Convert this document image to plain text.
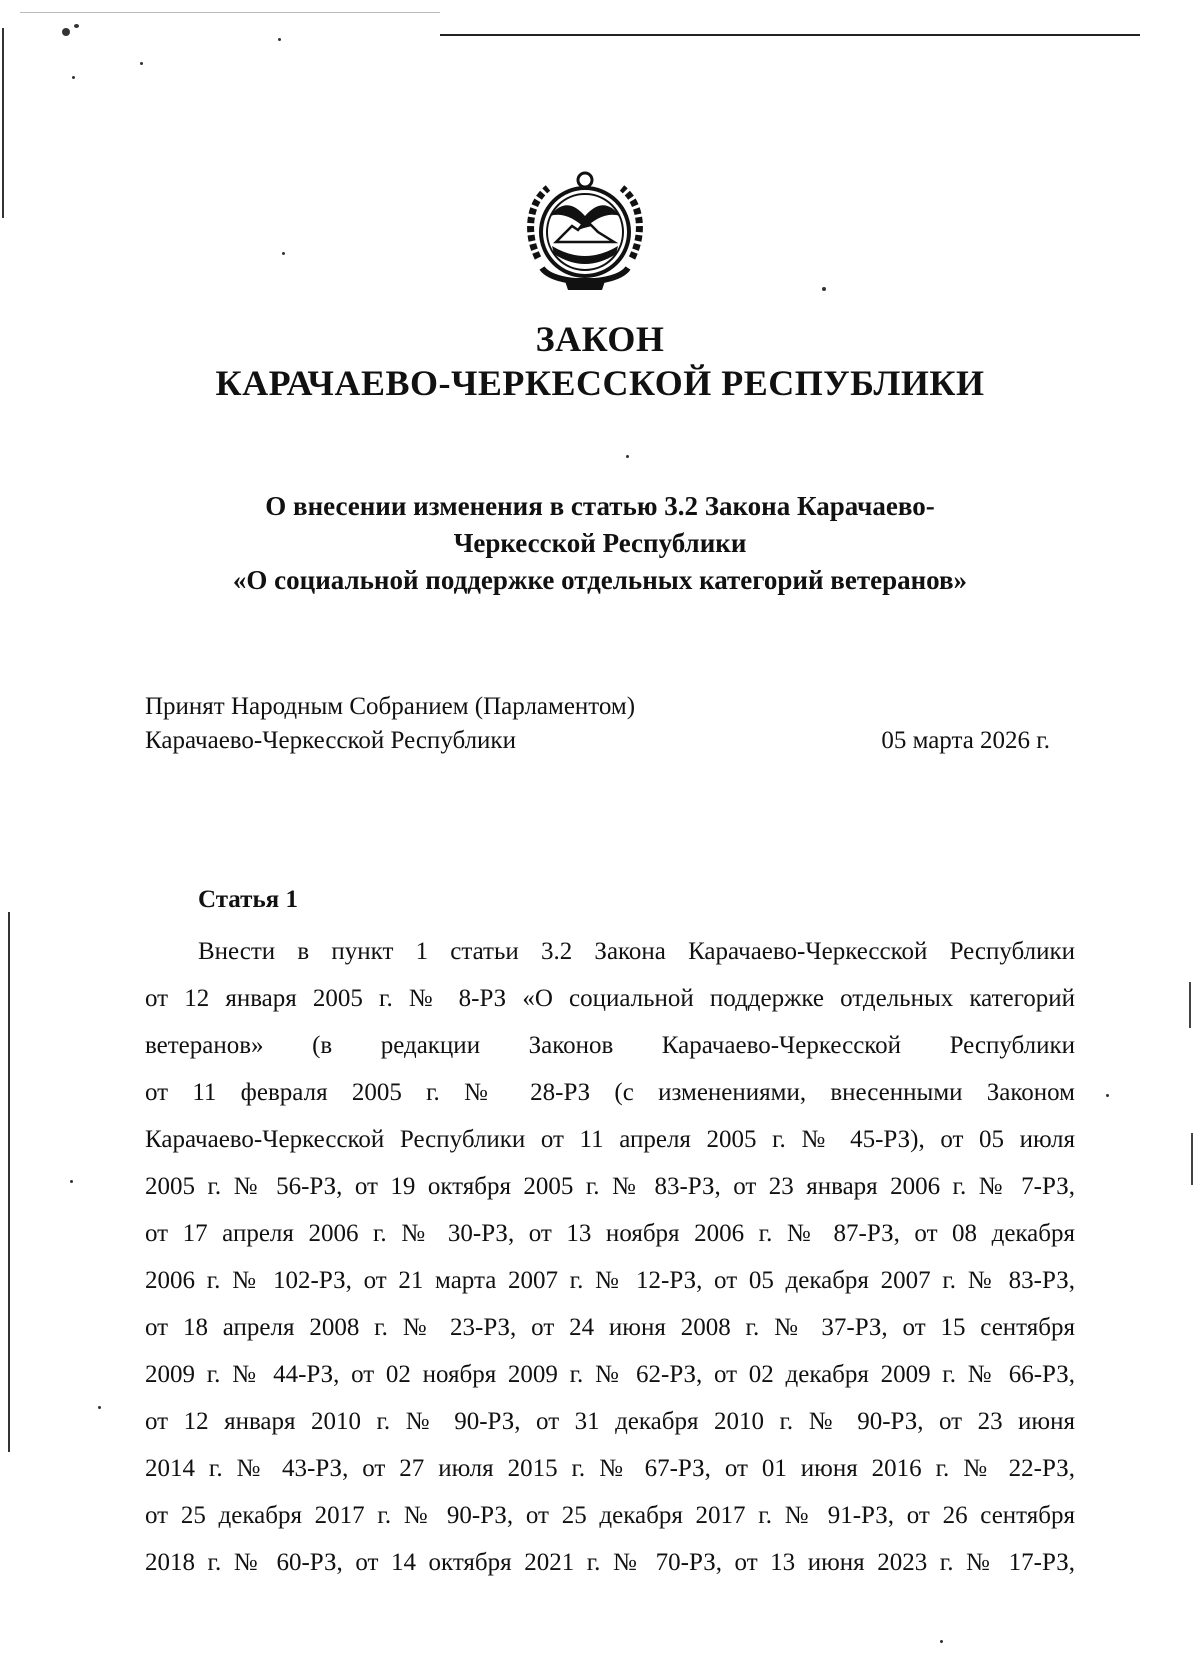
ЗАКОН
КАРАЧАЕВО-ЧЕРКЕССКОЙ РЕСПУБЛИКИ
О внесении изменения в статью 3.2 Закона Карачаево-
Черкесской Республики
«О социальной поддержке отдельных категорий ветеранов»
Принят Народным Собранием (Парламентом)
Карачаево-Черкесской Республики	05 марта 2026 г.
Статья 1

Внести в пункт 1 статьи 3.2 Закона Карачаево-Черкесской Республики
от 12 января 2005 г. № 8-РЗ «О социальной поддержке отдельных категорий
ветеранов» (в редакции Законов Карачаево-Черкесской Республики
от 11 февраля 2005 г. № 28-РЗ (с изменениями, внесенными Законом
Карачаево-Черкесской Республики от 11 апреля 2005 г. № 45-РЗ), от 05 июля
2005 г. № 56-РЗ, от 19 октября 2005 г. № 83-РЗ, от 23 января 2006 г. № 7-РЗ,
от 17 апреля 2006 г. № 30-РЗ, от 13 ноября 2006 г. № 87-РЗ, от 08 декабря
2006 г. № 102-РЗ, от 21 марта 2007 г. № 12-РЗ, от 05 декабря 2007 г. № 83-РЗ,
от 18 апреля 2008 г. № 23-РЗ, от 24 июня 2008 г. № 37-РЗ, от 15 сентября
2009 г. № 44-РЗ, от 02 ноября 2009 г. № 62-РЗ, от 02 декабря 2009 г. № 66-РЗ,
от 12 января 2010 г. № 90-РЗ, от 31 декабря 2010 г. № 90-РЗ, от 23 июня
2014 г. № 43-РЗ, от 27 июля 2015 г. № 67-РЗ, от 01 июня 2016 г. № 22-РЗ,
от 25 декабря 2017 г. № 90-РЗ, от 25 декабря 2017 г. № 91-РЗ, от 26 сентября
2018 г. № 60-РЗ, от 14 октября 2021 г. № 70-РЗ, от 13 июня 2023 г. № 17-РЗ,
